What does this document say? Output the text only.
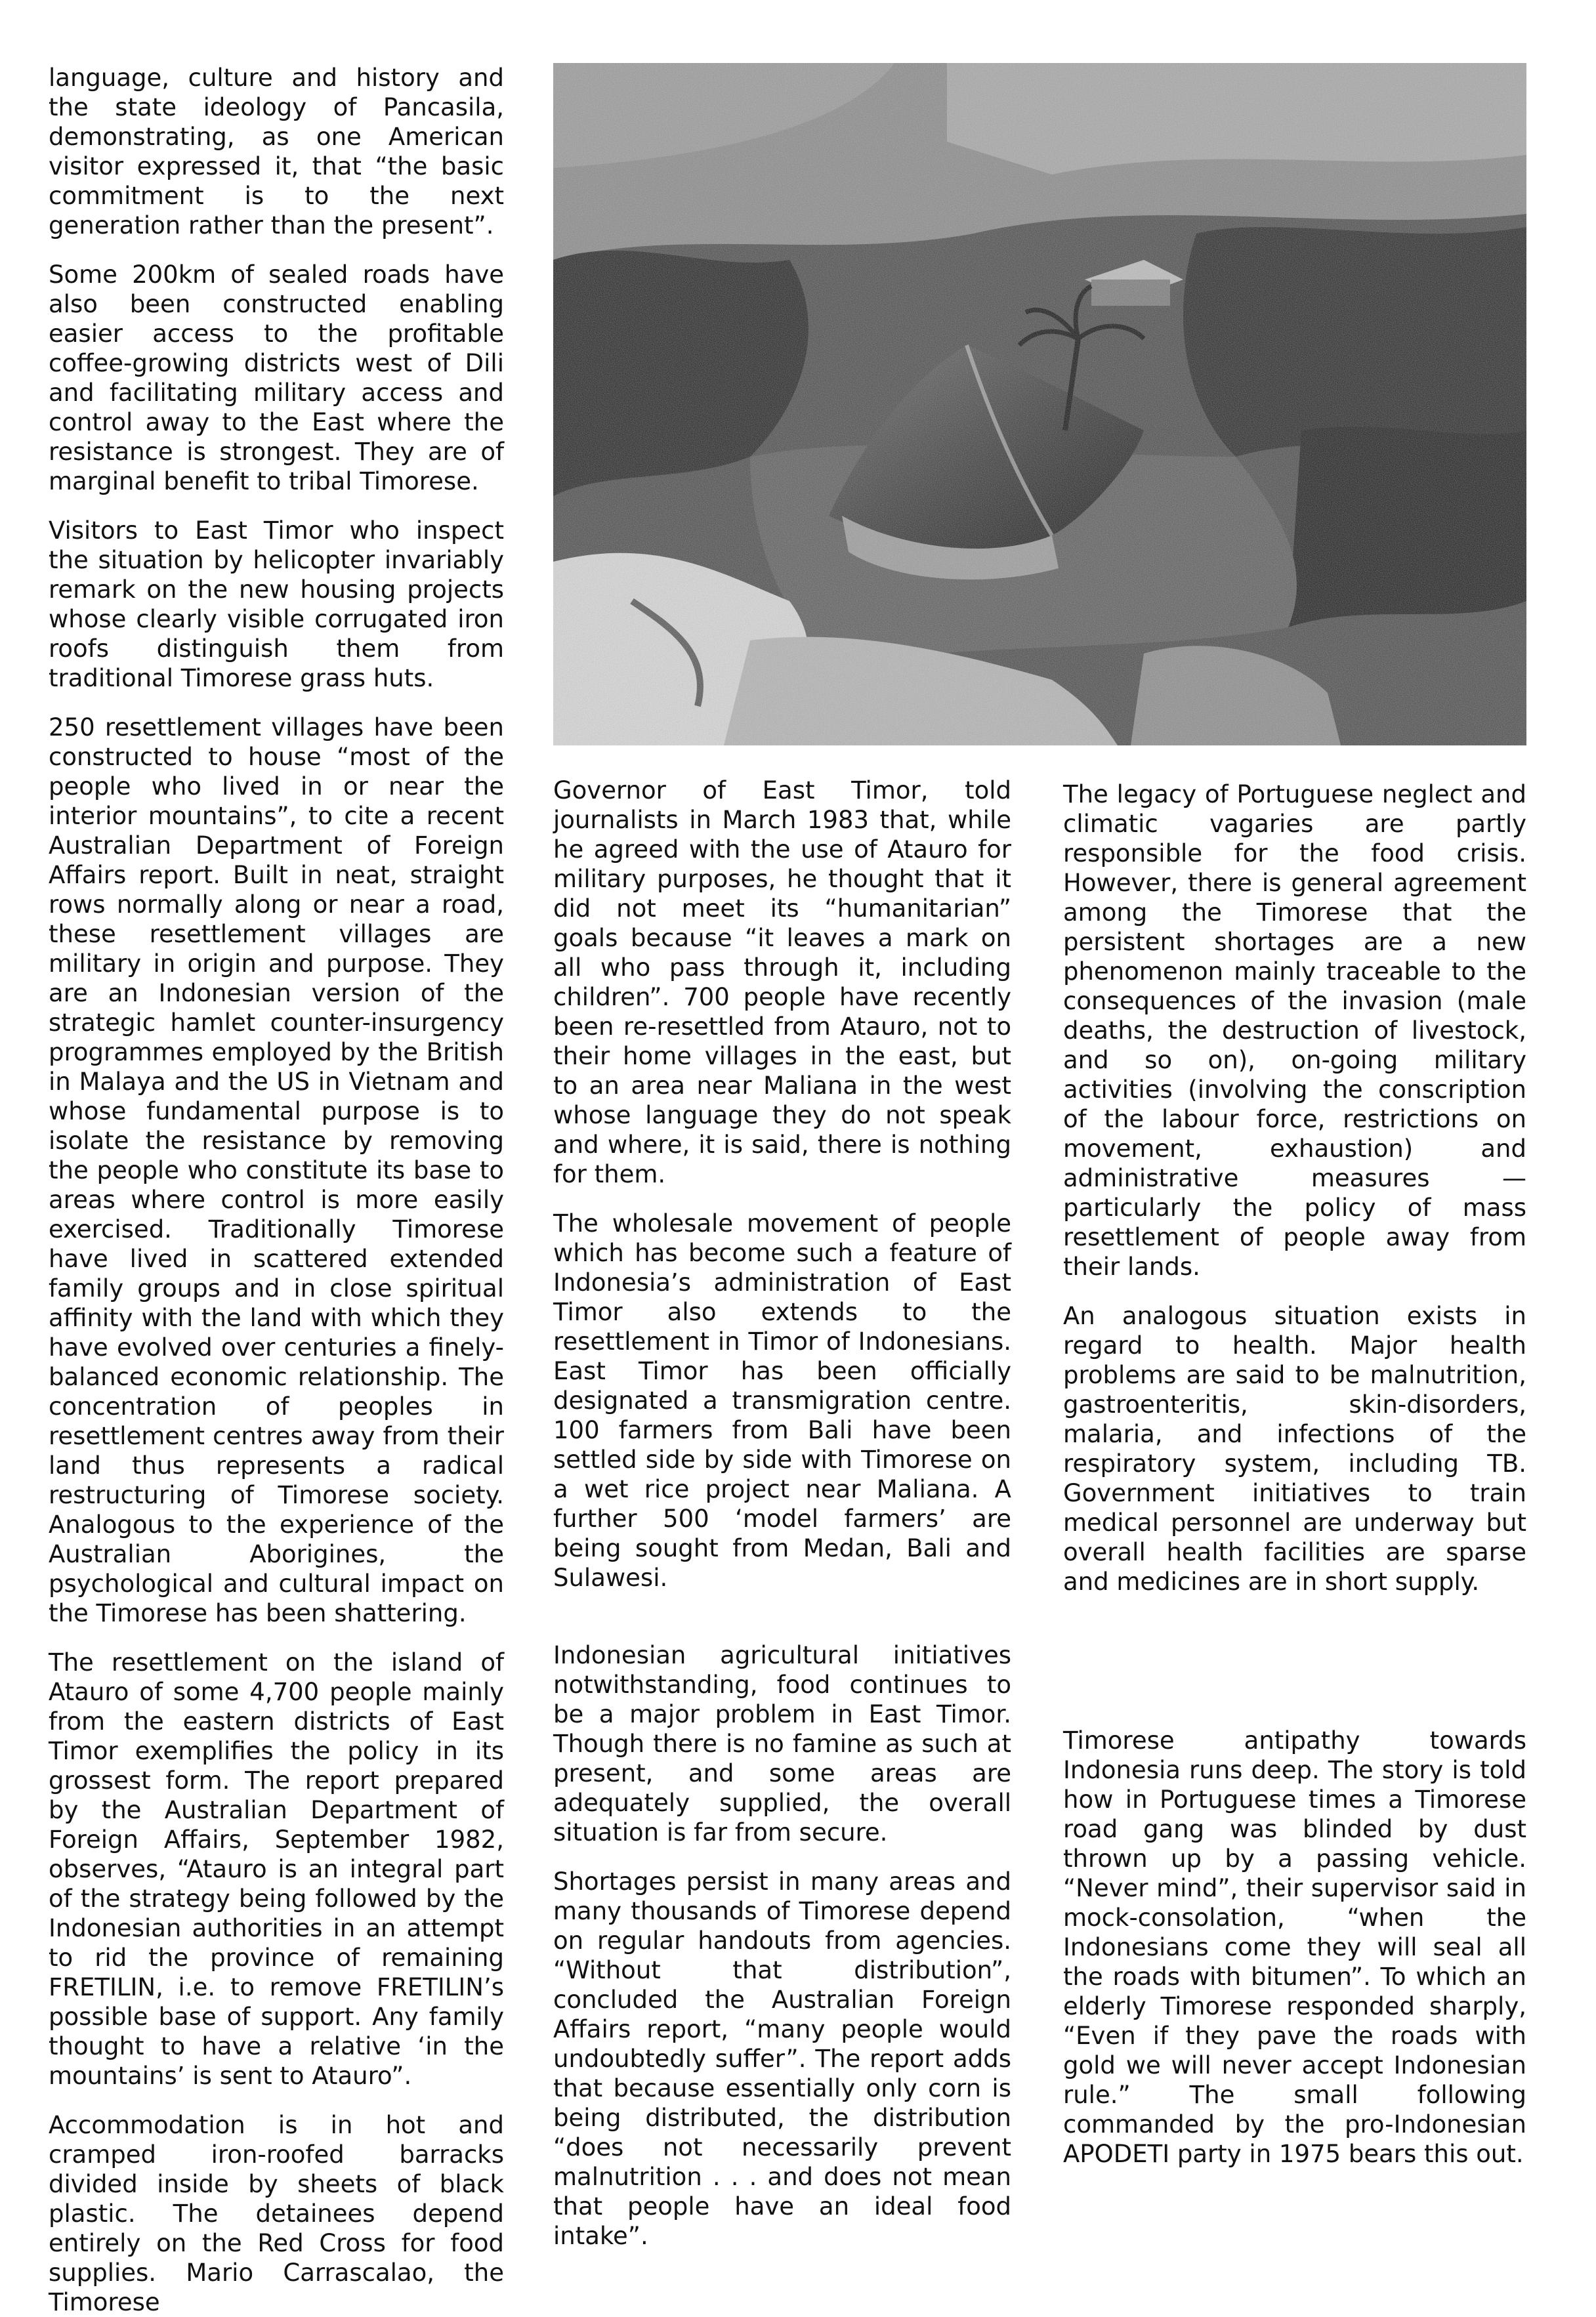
language, culture and history and the state ideology of Pancasila, demonstrating, as one American visitor expressed it, that “the basic commitment is to the next generation rather than the present”.

Some 200km of sealed roads have also been constructed enabling easier access to the profitable coffee-growing districts west of Dili and facilitating military access and control away to the East where the resistance is strongest. They are of marginal benefit to tribal Timorese.

Visitors to East Timor who inspect the situation by helicopter invariably remark on the new housing projects whose clearly visible corrugated iron roofs distinguish them from traditional Timorese grass huts.

250 resettlement villages have been constructed to house “most of the people who lived in or near the interior mountains”, to cite a recent Australian Department of Foreign Affairs report. Built in neat, straight rows normally along or near a road, these resettlement villages are military in origin and purpose. They are an Indonesian version of the strategic hamlet counter-insurgency programmes employed by the British in Malaya and the US in Vietnam and whose fundamental purpose is to isolate the resistance by removing the people who constitute its base to areas where control is more easily exercised. Traditionally Timorese have lived in scattered extended family groups and in close spiritual affinity with the land with which they have evolved over centuries a finely-balanced economic relationship. The concentration of peoples in resettlement centres away from their land thus represents a radical restructuring of Timorese society. Analogous to the experience of the Australian Aborigines, the psychological and cultural impact on the Timorese has been shattering.

The resettlement on the island of Atauro of some 4,700 people mainly from the eastern districts of East Timor exemplifies the policy in its grossest form. The report prepared by the Australian Department of Foreign Affairs, September 1982, observes, “Atauro is an integral part of the strategy being followed by the Indonesian authorities in an attempt to rid the province of remaining FRETILIN, i.e. to remove FRETILIN’s possible base of support. Any family thought to have a relative ‘in the mountains’ is sent to Atauro”.

Accommodation is in hot and cramped iron-roofed barracks divided inside by sheets of black plastic. The detainees depend entirely on the Red Cross for food supplies. Mario Carrascalao, the Timorese

Governor of East Timor, told journalists in March 1983 that, while he agreed with the use of Atauro for military purposes, he thought that it did not meet its “humanitarian” goals because “it leaves a mark on all who pass through it, including children”. 700 people have recently been re-resettled from Atauro, not to their home villages in the east, but to an area near Maliana in the west whose language they do not speak and where, it is said, there is nothing for them.

The wholesale movement of people which has become such a feature of Indonesia’s administration of East Timor also extends to the resettlement in Timor of Indonesians. East Timor has been officially designated a transmigration centre. 100 farmers from Bali have been settled side by side with Timorese on a wet rice project near Maliana. A further 500 ‘model farmers’ are being sought from Medan, Bali and Sulawesi.

Indonesian agricultural initiatives notwithstanding, food continues to be a major problem in East Timor. Though there is no famine as such at present, and some areas are adequately supplied, the overall situation is far from secure.

Shortages persist in many areas and many thousands of Timorese depend on regular handouts from agencies. “Without that distribution”, concluded the Australian Foreign Affairs report, “many people would undoubtedly suffer”. The report adds that because essentially only corn is being distributed, the distribution “does not necessarily prevent malnutrition . . . and does not mean that people have an ideal food intake”.

The legacy of Portuguese neglect and climatic vagaries are partly responsible for the food crisis. However, there is general agreement among the Timorese that the persistent shortages are a new phenomenon mainly traceable to the consequences of the invasion (male deaths, the destruction of livestock, and so on), on-going military activities (involving the conscription of the labour force, restrictions on movement, exhaustion) and administrative measures — particularly the policy of mass resettlement of people away from their lands.

An analogous situation exists in regard to health. Major health problems are said to be malnutrition, gastroenteritis, skin-disorders, malaria, and infections of the respiratory system, including TB. Government initiatives to train medical personnel are underway but overall health facilities are sparse and medicines are in short supply.

Timorese antipathy towards Indonesia runs deep. The story is told how in Portuguese times a Timorese road gang was blinded by dust thrown up by a passing vehicle. “Never mind”, their supervisor said in mock-consolation, “when the Indonesians come they will seal all the roads with bitumen”. To which an elderly Timorese responded sharply, “Even if they pave the roads with gold we will never accept Indonesian rule.” The small following commanded by the pro-Indonesian APODETI party in 1975 bears this out.
